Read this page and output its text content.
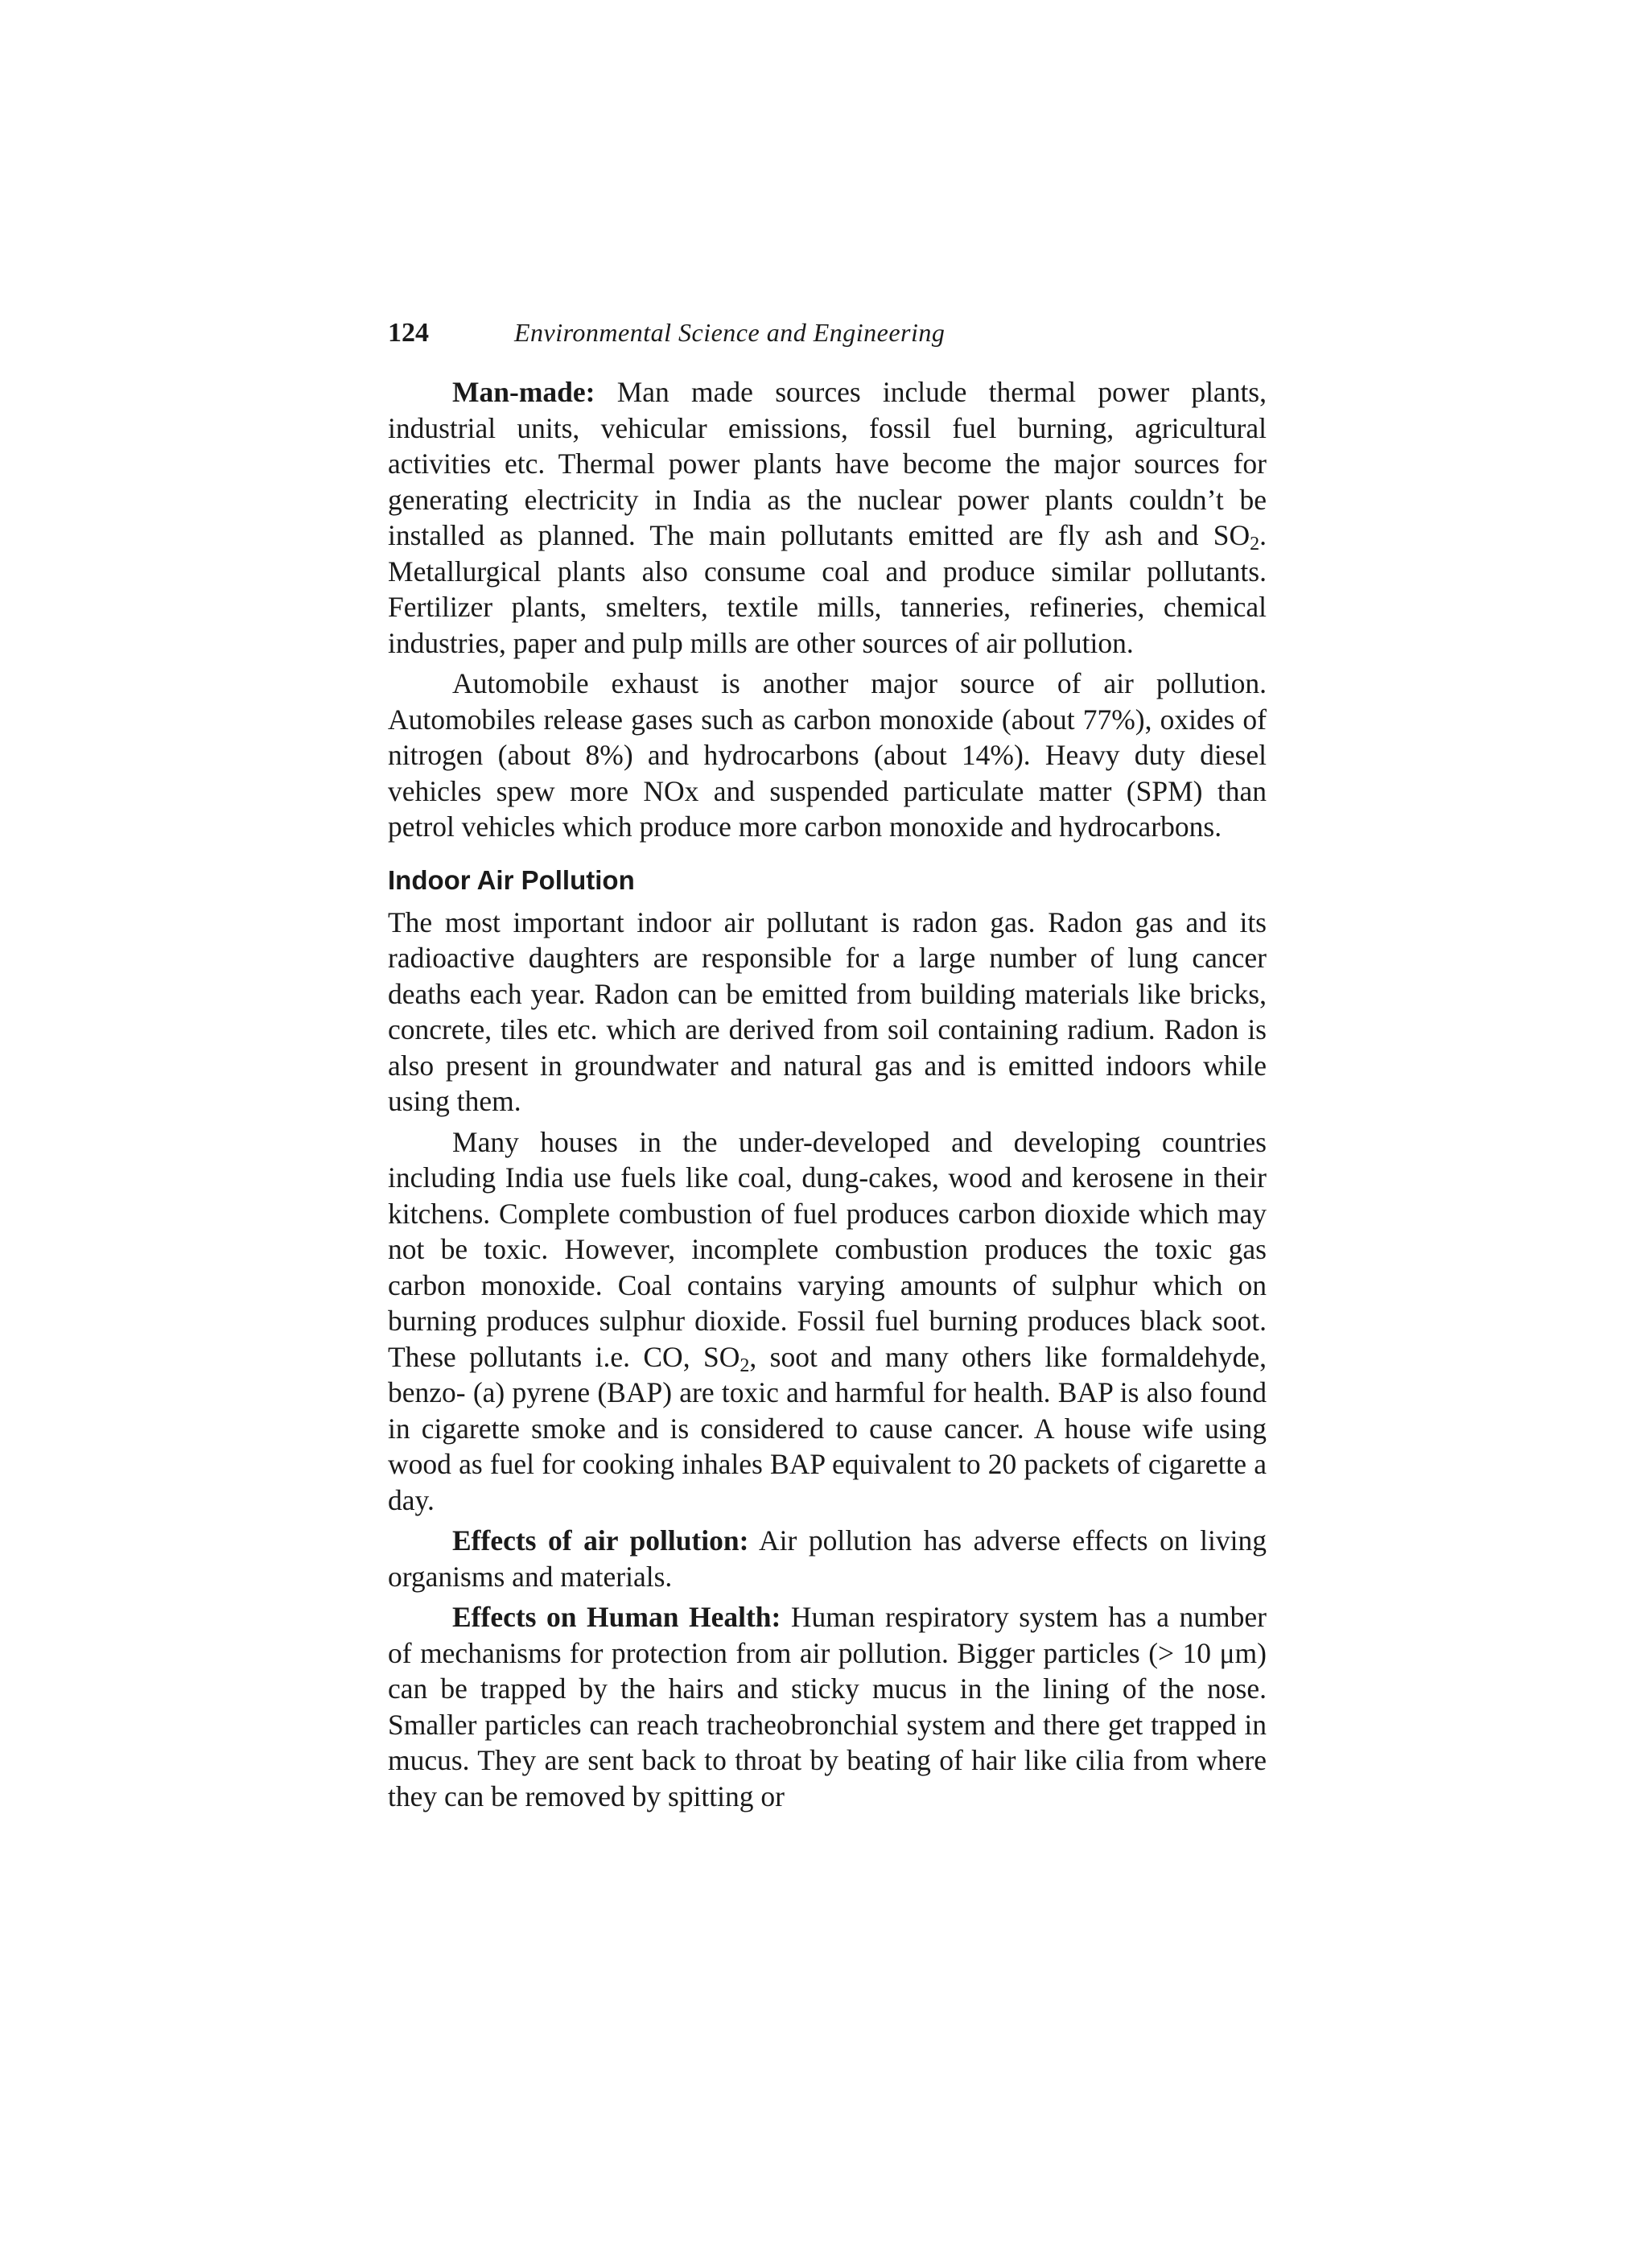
124	Environmental Science and Engineering

Man-made: Man made sources include thermal power plants, industrial units, vehicular emissions, fossil fuel burning, agricultural activities etc. Thermal power plants have become the major sources for generating electricity in India as the nuclear power plants couldn’t be installed as planned. The main pollutants emitted are fly ash and $SO_2$. Metallurgical plants also consume coal and produce similar pollutants. Fertilizer plants, smelters, textile mills, tanneries, refineries, chemical industries, paper and pulp mills are other sources of air pollution.

Automobile exhaust is another major source of air pollution. Automobiles release gases such as carbon monoxide (about 77%), oxides of nitrogen (about 8%) and hydrocarbons (about 14%). Heavy duty diesel vehicles spew more NOx and suspended particulate matter (SPM) than petrol vehicles which produce more carbon monoxide and hydrocarbons.

Indoor Air Pollution

The most important indoor air pollutant is radon gas. Radon gas and its radioactive daughters are responsible for a large number of lung cancer deaths each year. Radon can be emitted from building materials like bricks, concrete, tiles etc. which are derived from soil containing radium. Radon is also present in groundwater and natural gas and is emitted indoors while using them.

Many houses in the under-developed and developing countries including India use fuels like coal, dung-cakes, wood and kerosene in their kitchens. Complete combustion of fuel produces carbon dioxide which may not be toxic. However, incomplete combustion produces the toxic gas carbon monoxide. Coal contains varying amounts of sulphur which on burning produces sulphur dioxide. Fossil fuel burning produces black soot. These pollutants i.e. CO, $SO_2$, soot and many others like formaldehyde, benzo- (a) pyrene (BAP) are toxic and harmful for health. BAP is also found in cigarette smoke and is considered to cause cancer. A house wife using wood as fuel for cooking inhales BAP equivalent to 20 packets of cigarette a day.

Effects of air pollution: Air pollution has adverse effects on living organisms and materials.

Effects on Human Health: Human respiratory system has a number of mechanisms for protection from air pollution. Bigger particles (> 10 μm) can be trapped by the hairs and sticky mucus in the lining of the nose. Smaller particles can reach tracheobronchial system and there get trapped in mucus. They are sent back to throat by beating of hair like cilia from where they can be removed by spitting or
